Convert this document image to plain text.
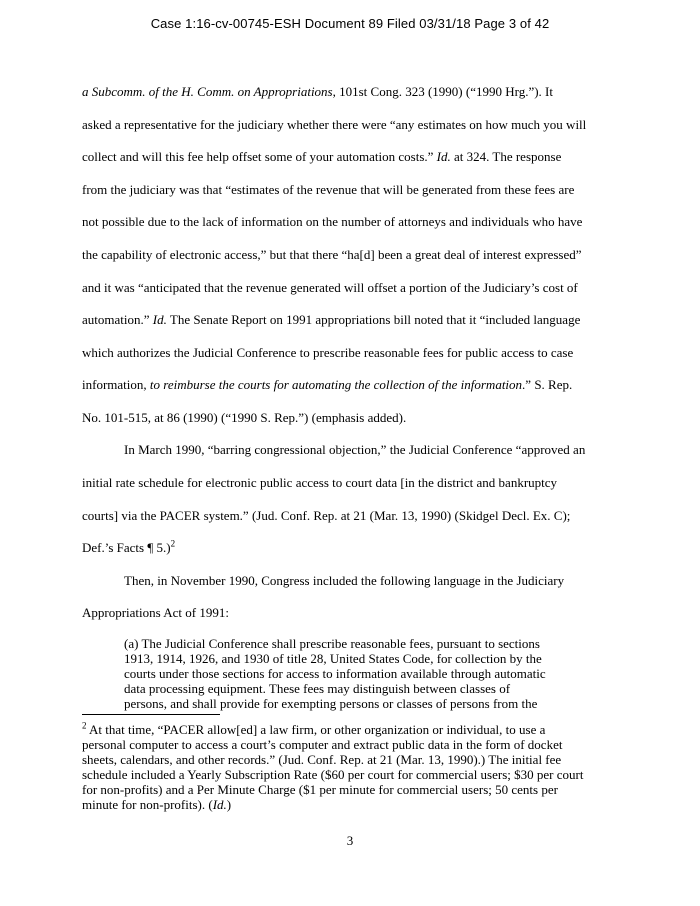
Case 1:16-cv-00745-ESH Document 89 Filed 03/31/18 Page 3 of 42
a Subcomm. of the H. Comm. on Appropriations, 101st Cong. 323 (1990) (“1990 Hrg.”). It
asked a representative for the judiciary whether there were “any estimates on how much you will
collect and will this fee help offset some of your automation costs.” Id. at 324. The response
from the judiciary was that “estimates of the revenue that will be generated from these fees are
not possible due to the lack of information on the number of attorneys and individuals who have
the capability of electronic access,” but that there “ha[d] been a great deal of interest expressed”
and it was “anticipated that the revenue generated will offset a portion of the Judiciary’s cost of
automation.” Id. The Senate Report on 1991 appropriations bill noted that it “included language
which authorizes the Judicial Conference to prescribe reasonable fees for public access to case
information, to reimburse the courts for automating the collection of the information.” S. Rep.
No. 101-515, at 86 (1990) (“1990 S. Rep.”) (emphasis added).
In March 1990, “barring congressional objection,” the Judicial Conference “approved an
initial rate schedule for electronic public access to court data [in the district and bankruptcy
courts] via the PACER system.” (Jud. Conf. Rep. at 21 (Mar. 13, 1990) (Skidgel Decl. Ex. C);
Def.’s Facts ¶ 5.)$^2$
Then, in November 1990, Congress included the following language in the Judiciary
Appropriations Act of 1991:
(a) The Judicial Conference shall prescribe reasonable fees, pursuant to sections
1913, 1914, 1926, and 1930 of title 28, United States Code, for collection by the
courts under those sections for access to information available through automatic
data processing equipment. These fees may distinguish between classes of
persons, and shall provide for exempting persons or classes of persons from the
$^2$ At that time, “PACER allow[ed] a law firm, or other organization or individual, to use a
personal computer to access a court’s computer and extract public data in the form of docket
sheets, calendars, and other records.” (Jud. Conf. Rep. at 21 (Mar. 13, 1990).) The initial fee
schedule included a Yearly Subscription Rate ($60 per court for commercial users; $30 per court
for non-profits) and a Per Minute Charge ($1 per minute for commercial users; 50 cents per
minute for non-profits). (Id.)
3
